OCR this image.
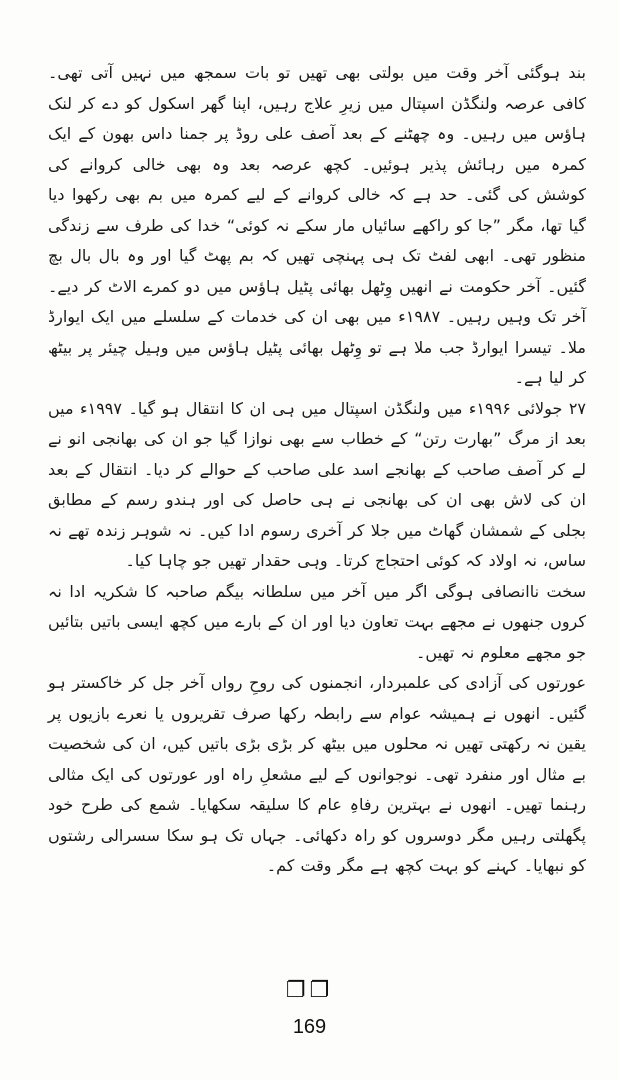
بند ہوگئی آخر وقت میں بولتی بھی تھیں تو بات سمجھ میں نہیں آتی تھی۔ کافی عرصہ ولنگڈن اسپتال میں زیرِ علاج رہیں، اپنا گھر اسکول کو دے کر لنک ہاؤس میں رہیں۔ وہ چھٹنے کے بعد آصف علی روڈ پر جمنا داس بھون کے ایک کمرہ میں رہائش پذیر ہوئیں۔ کچھ عرصہ بعد وہ بھی خالی کروانے کی کوشش کی گئی۔ حد ہے کہ خالی کروانے کے لیے کمرہ میں بم بھی رکھوا دیا گیا تھا، مگر ”جا کو راکھے سائیاں مار سکے نہ کوئی“ خدا کی طرف سے زندگی منظور تھی۔ ابھی لفٹ تک ہی پہنچی تھیں کہ بم پھٹ گیا اور وہ بال بال بچ گئیں۔ آخر حکومت نے انھیں وِٹھل بھائی پٹیل ہاؤس میں دو کمرے الاٹ کر دیے۔ آخر تک وہیں رہیں۔ ۱۹۸۷ء میں بھی ان کی خدمات کے سلسلے میں ایک ایوارڈ ملا۔ تیسرا ایوارڈ جب ملا ہے تو وِٹھل بھائی پٹیل ہاؤس میں وہیل چیئر پر بیٹھ کر لیا ہے۔

۲۷ جولائی ۱۹۹۶ء میں ولنگڈن اسپتال میں ہی ان کا انتقال ہو گیا۔ ۱۹۹۷ء میں بعد از مرگ ”بھارت رتن“ کے خطاب سے بھی نوازا گیا جو ان کی بھانجی انو نے لے کر آصف صاحب کے بھانجے اسد علی صاحب کے حوالے کر دیا۔ انتقال کے بعد ان کی لاش بھی ان کی بھانجی نے ہی حاصل کی اور ہندو رسم کے مطابق بجلی کے شمشان گھاٹ میں جلا کر آخری رسوم ادا کیں۔ نہ شوہر زندہ تھے نہ ساس، نہ اولاد کہ کوئی احتجاج کرتا۔ وہی حقدار تھیں جو چاہا کیا۔

سخت ناانصافی ہوگی اگر میں آخر میں سلطانہ بیگم صاحبہ کا شکریہ ادا نہ کروں جنھوں نے مجھے بہت تعاون دیا اور ان کے بارے میں کچھ ایسی باتیں بتائیں جو مجھے معلوم نہ تھیں۔

عورتوں کی آزادی کی علمبردار، انجمنوں کی روحِ رواں آخر جل کر خاکستر ہو گئیں۔ انھوں نے ہمیشہ عوام سے رابطہ رکھا صرف تقریروں یا نعرے بازیوں پر یقین نہ رکھتی تھیں نہ محلوں میں بیٹھ کر بڑی بڑی باتیں کیں، ان کی شخصیت بے مثال اور منفرد تھی۔ نوجوانوں کے لیے مشعلِ راہ اور عورتوں کی ایک مثالی رہنما تھیں۔ انھوں نے بہترین رفاہِ عام کا سلیقہ سکھایا۔ شمع کی طرح خود پگھلتی رہیں مگر دوسروں کو راہ دکھائی۔ جہاں تک ہو سکا سسرالی رشتوں کو نبھایا۔ کہنے کو بہت کچھ ہے مگر وقت کم۔

❐❐
169
